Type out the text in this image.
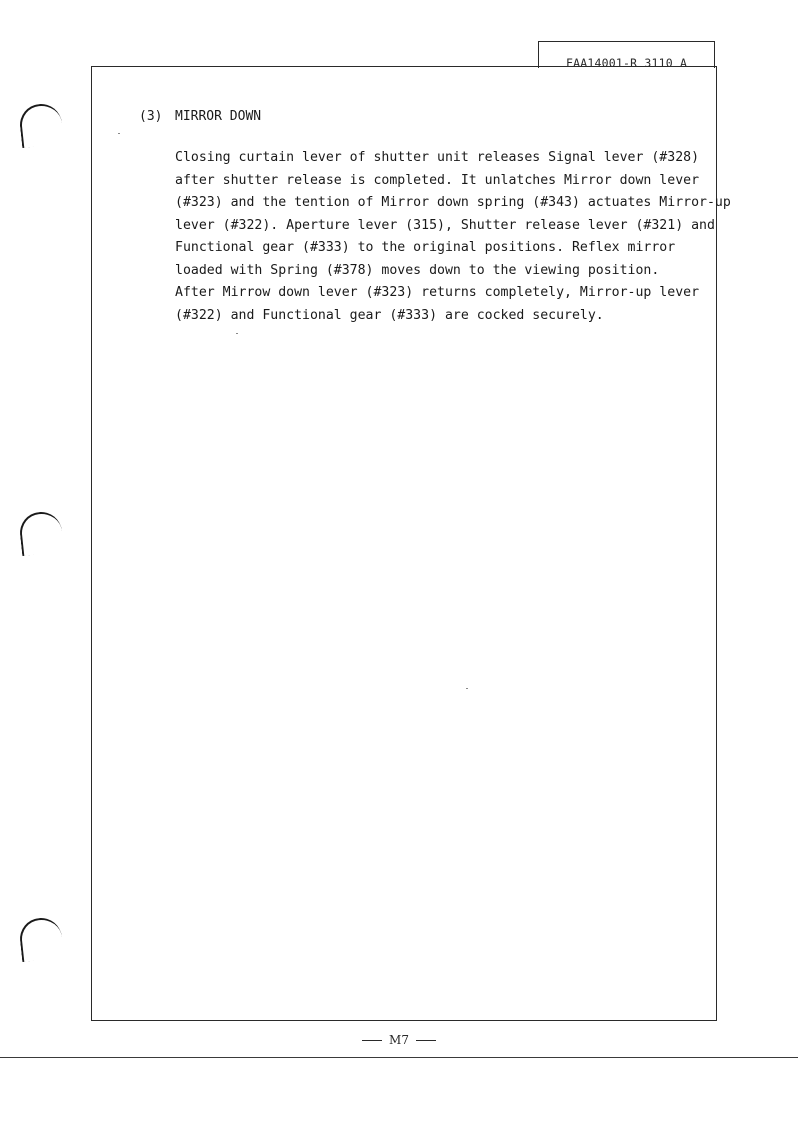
FAA14001-R 3110 A
(3) MIRROR DOWN
Closing curtain lever of shutter unit releases Signal lever (#328)
after shutter release is completed. It unlatches Mirror down lever
(#323) and the tention of Mirror down spring (#343) actuates Mirror-up
lever (#322). Aperture lever (315), Shutter release lever (#321) and
Functional gear (#333) to the original positions. Reflex mirror
loaded with Spring (#378) moves down to the viewing position.
After Mirrow down lever (#323) returns completely, Mirror-up lever
(#322) and Functional gear (#333) are cocked securely.
M7
